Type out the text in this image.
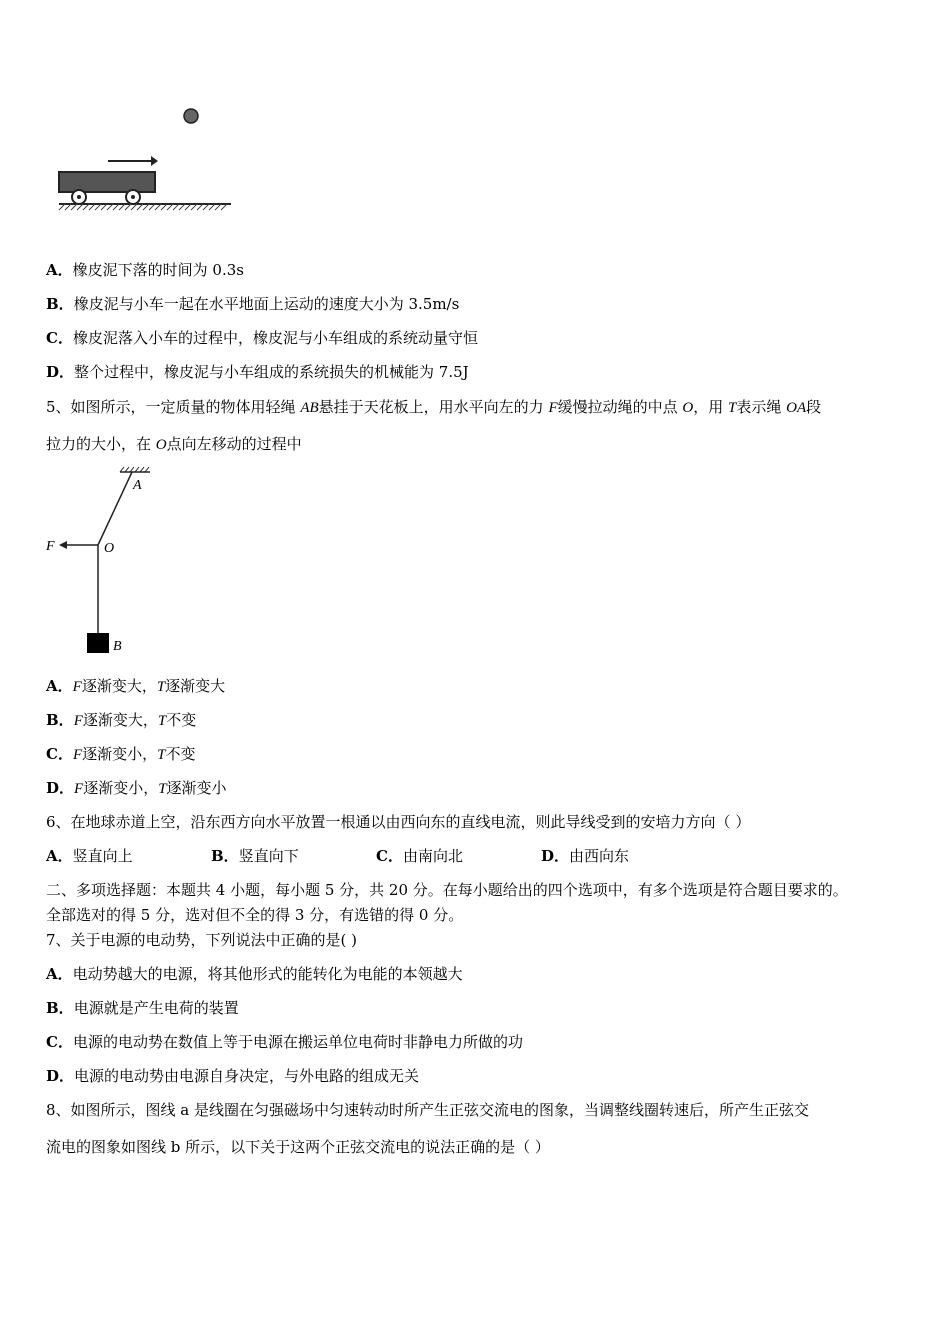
A．橡皮泥下落的时间为 0.3s
B．橡皮泥与小车一起在水平地面上运动的速度大小为 3.5m/s
C．橡皮泥落入小车的过程中，橡皮泥与小车组成的系统动量守恒
D．整个过程中，橡皮泥与小车组成的系统损失的机械能为 7.5J
5、如图所示，一定质量的物体用轻绳 AB悬挂于天花板上，用水平向左的力 F缓慢拉动绳的中点 O，用 T表示绳 OA段
拉力的大小，在 O点向左移动的过程中
A
F	O
B
A．F逐渐变大，T逐渐变大
B．F逐渐变大，T不变
C．F逐渐变小，T不变
D．F逐渐变小，T逐渐变小
6、在地球赤道上空，沿东西方向水平放置一根通以由西向东的直线电流，则此导线受到的安培力方向（ ）
A．竖直向上	B．竖直向下	C．由南向北	D．由西向东
二、多项选择题：本题共 4 小题，每小题 5 分，共 20 分。在每小题给出的四个选项中，有多个选项是符合题目要求的。
全部选对的得 5 分，选对但不全的得 3 分，有选错的得 0 分。
7、关于电源的电动势，下列说法中正确的是( )
A．电动势越大的电源，将其他形式的能转化为电能的本领越大
B．电源就是产生电荷的装置
C．电源的电动势在数值上等于电源在搬运单位电荷时非静电力所做的功
D．电源的电动势由电源自身决定，与外电路的组成无关
8、如图所示，图线 a 是线圈在匀强磁场中匀速转动时所产生正弦交流电的图象，当调整线圈转速后，所产生正弦交
流电的图象如图线 b 所示，以下关于这两个正弦交流电的说法正确的是（ ）
